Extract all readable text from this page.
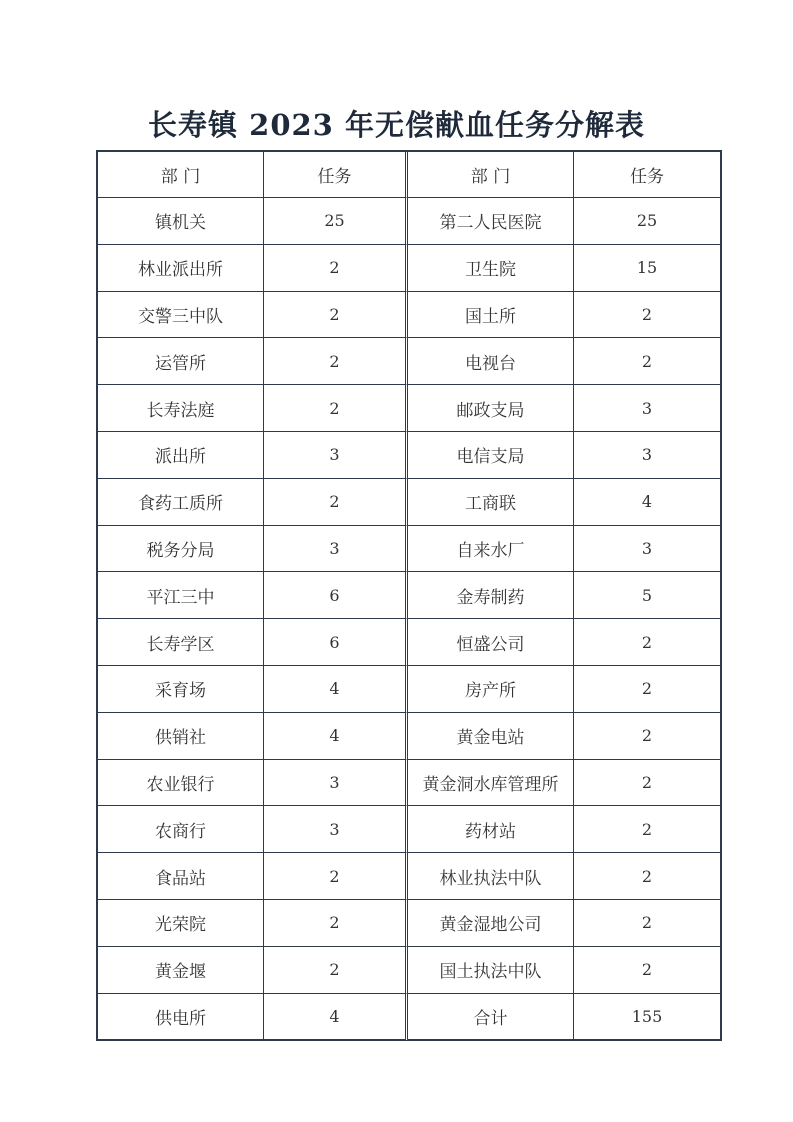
长寿镇 2023 年无偿献血任务分解表
部 门	任务	部 门	任务
镇机关	25	第二人民医院	25
林业派出所	2	卫生院	15
交警三中队	2	国土所	2
运管所	2	电视台	2
长寿法庭	2	邮政支局	3
派出所	3	电信支局	3
食药工质所	2	工商联	4
税务分局	3	自来水厂	3
平江三中	6	金寿制药	5
长寿学区	6	恒盛公司	2
采育场	4	房产所	2
供销社	4	黄金电站	2
农业银行	3	黄金洞水库管理所	2
农商行	3	药材站	2
食品站	2	林业执法中队	2
光荣院	2	黄金湿地公司	2
黄金堰	2	国土执法中队	2
供电所	4	合计	155
